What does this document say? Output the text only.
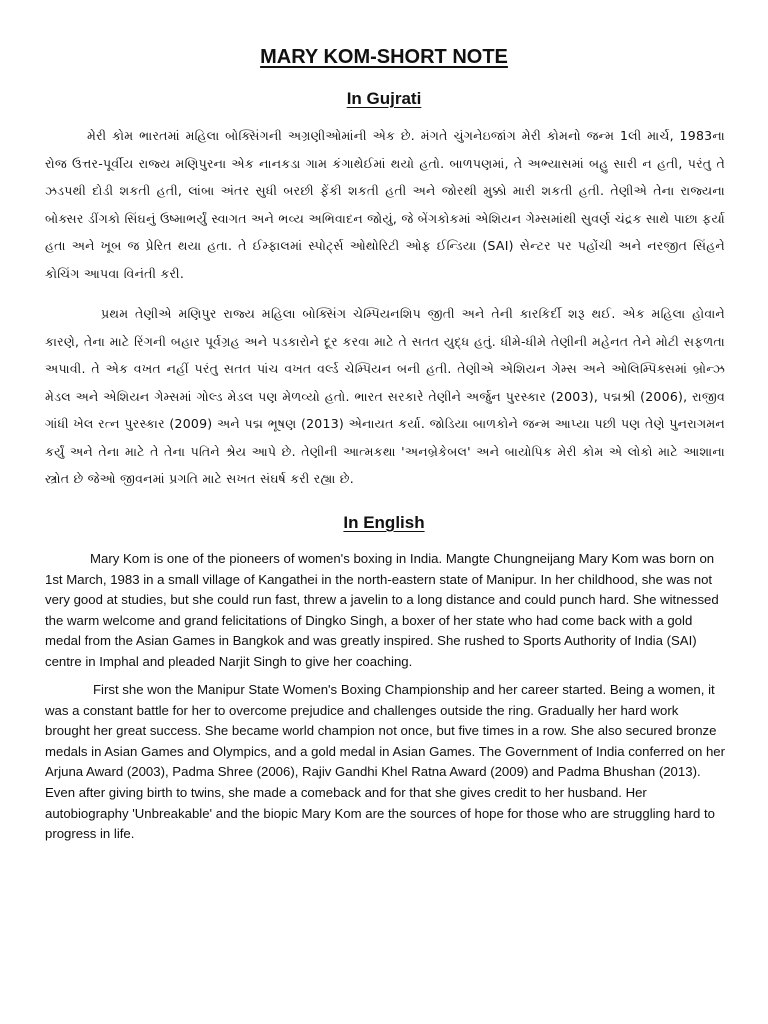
MARY KOM-SHORT NOTE
In Gujrati

મેરી કોમ ભારતમાં મહિલા બોક્સિંગની અગ્રણીઓમાંની એક છે. મંગતે ચુંગનેઇજાંગ મેરી કોમનો જન્મ 1લી માર્ચ, 1983ના રોજ ઉત્તર-પૂર્વીય રાજ્ય મણિપુરના એક નાનકડા ગામ કંગાથેઈમાં થયો હતો. બાળપણમાં, તે અભ્યાસમાં બહુ સારી ન હતી, પરંતુ તે ઝડપથી દોડી શકતી હતી, લાંબા અંતર સુધી બરછી ફેંકી શકતી હતી અને જોરથી મુક્કો મારી શકતી હતી. તેણીએ તેના રાજ્યના બોક્સર ડીંગકો સિંઘનું ઉષ્માભર્યું સ્વાગત અને ભવ્ય અભિવાદન જોયું, જે બેંગકોકમાં એશિયન ગેમ્સમાંથી સુવર્ણ ચંદ્રક સાથે પાછા ફર્યા હતા અને ખૂબ જ પ્રેરિત થયા હતા. તે ઈમ્ફાલમાં સ્પોર્ટ્સ ઓથોરિટી ઓફ ઈન્ડિયા (SAI) સેન્ટર પર પહોંચી અને નરજીત સિંહને કોચિંગ આપવા વિનંતી કરી.

પ્રથમ તેણીએ મણિપુર રાજ્ય મહિલા બોક્સિંગ ચેમ્પિયનશિપ જીતી અને તેની કારકિર્દી શરૂ થઈ. એક મહિલા હોવાને કારણે, તેના માટે રિંગની બહાર પૂર્વગ્રહ અને પડકારોને દૂર કરવા માટે તે સતત યુદ્ધ હતું. ધીમે-ધીમે તેણીની મહેનત તેને મોટી સફળતા અપાવી. તે એક વખત નહીં પરંતુ સતત પાંચ વખત વર્લ્ડ ચેમ્પિયન બની હતી. તેણીએ એશિયન ગેમ્સ અને ઓલિમ્પિક્સમાં બ્રોન્ઝ મેડલ અને એશિયન ગેમ્સમાં ગોલ્ડ મેડલ પણ મેળવ્યો હતો. ભારત સરકારે તેણીને અર્જુન પુરસ્કાર (2003), પદ્મશ્રી (2006), રાજીવ ગાંધી ખેલ રત્ન પુરસ્કાર (2009) અને પદ્મ ભૂષણ (2013) એનાયત કર્યા. જોડિયા બાળકોને જન્મ આપ્યા પછી પણ તેણે પુનરાગમન કર્યું અને તેના માટે તે તેના પતિને શ્રેય આપે છે. તેણીની આત્મકથા 'અનબ્રેકેબલ' અને બાયોપિક મેરી કોમ એ લોકો માટે આશાના સ્ત્રોત છે જેઓ જીવનમાં પ્રગતિ માટે સખત સંઘર્ષ કરી રહ્યા છે.

In English

Mary Kom is one of the pioneers of women's boxing in India. Mangte Chungneijang Mary Kom was born on 1st March, 1983 in a small village of Kangathei in the north-eastern state of Manipur. In her childhood, she was not very good at studies, but she could run fast, threw a javelin to a long distance and could punch hard. She witnessed the warm welcome and grand felicitations of Dingko Singh, a boxer of her state who had come back with a gold medal from the Asian Games in Bangkok and was greatly inspired. She rushed to Sports Authority of India (SAI) centre in Imphal and pleaded Narjit Singh to give her coaching.

First she won the Manipur State Women's Boxing Championship and her career started. Being a women, it was a constant battle for her to overcome prejudice and challenges outside the ring. Gradually her hard work brought her great success. She became world champion not once, but five times in a row. She also secured bronze medals in Asian Games and Olympics, and a gold medal in Asian Games. The Government of India conferred on her Arjuna Award (2003), Padma Shree (2006), Rajiv Gandhi Khel Ratna Award (2009) and Padma Bhushan (2013). Even after giving birth to twins, she made a comeback and for that she gives credit to her husband. Her autobiography 'Unbreakable' and the biopic Mary Kom are the sources of hope for those who are struggling hard to progress in life.
